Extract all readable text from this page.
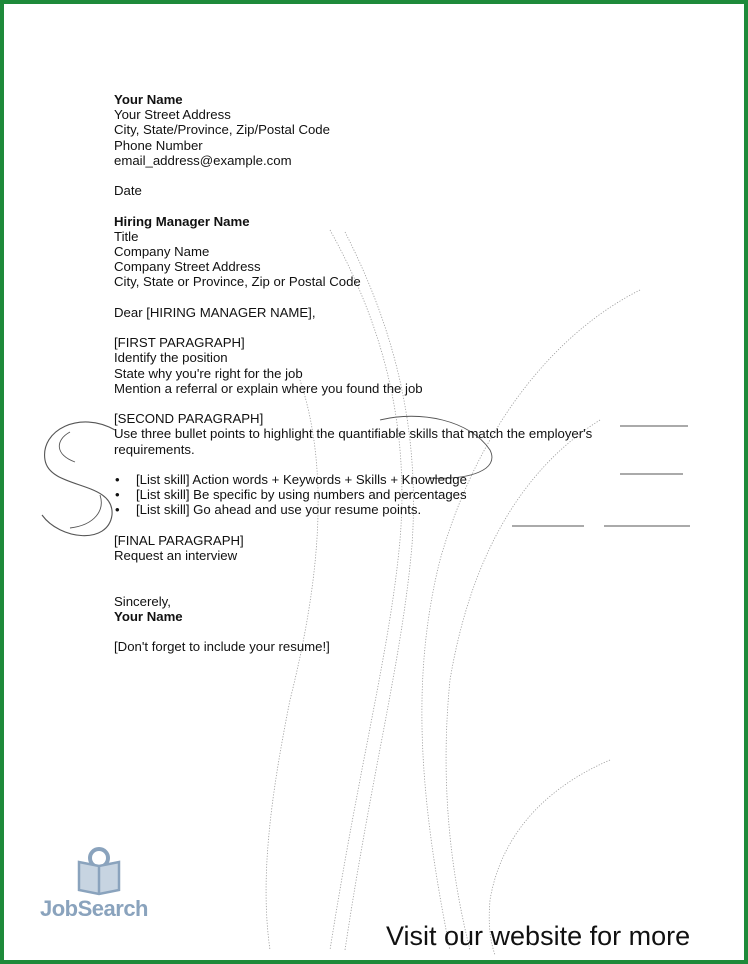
Your Name
Your Street Address
City, State/Province, Zip/Postal Code
Phone Number
email_address@example.com
Date
Hiring Manager Name
Title
Company Name
Company Street Address
City, State or Province, Zip or Postal Code
Dear [HIRING MANAGER NAME],
[FIRST PARAGRAPH]
Identify the position
State why you're right for the job
Mention a referral or explain where you found the job
[SECOND PARAGRAPH]
Use three bullet points to highlight the quantifiable skills that match the employer's
requirements.
• [List skill] Action words + Keywords + Skills + Knowledge
• [List skill] Be specific by using numbers and percentages
• [List skill] Go ahead and use your resume points.
[FINAL PARAGRAPH]
Request an interview
Sincerely,
Your Name
[Don't forget to include your resume!]
JobSearch
Visit our website for more
